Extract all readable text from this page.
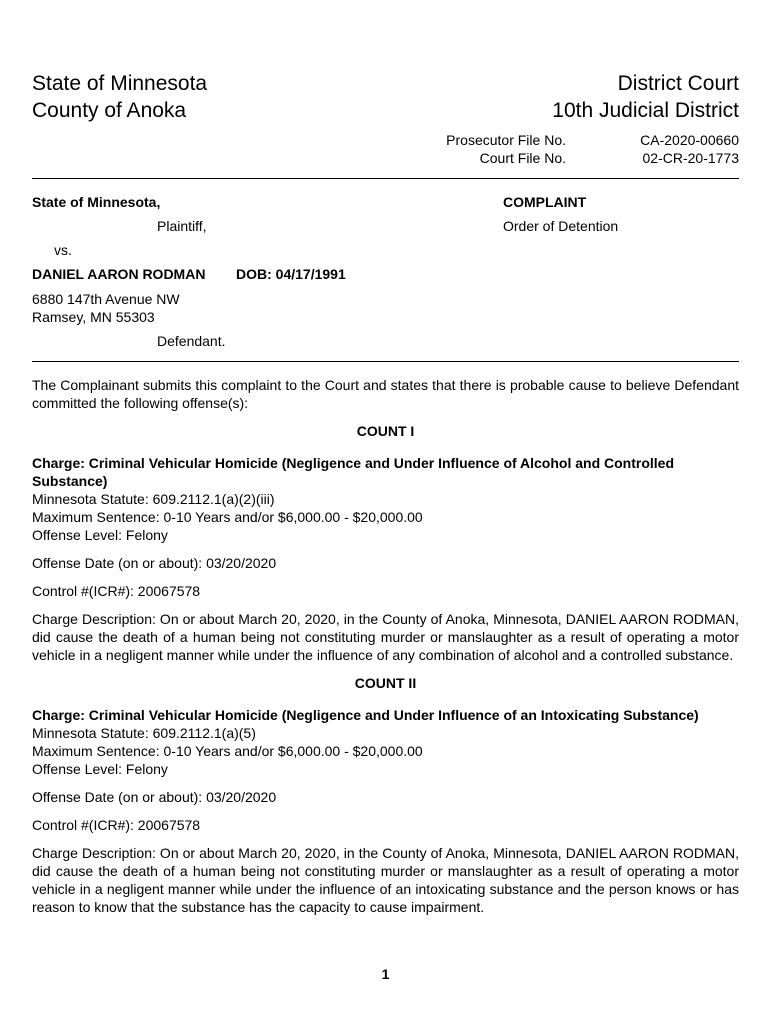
State of Minnesota
County of Anoka
District Court
10th Judicial District
Prosecutor File No.	CA-2020-00660
Court File No.	02-CR-20-1773
State of Minnesota,
Plaintiff,
vs.
DANIEL AARON RODMAN DOB: 04/17/1991
6880 147th Avenue NW
Ramsey, MN 55303
Defendant.
COMPLAINT
Order of Detention

The Complainant submits this complaint to the Court and states that there is probable cause to believe Defendant committed the following offense(s):

COUNT I
Charge: Criminal Vehicular Homicide (Negligence and Under Influence of Alcohol and Controlled Substance)
Minnesota Statute: 609.2112.1(a)(2)(iii)
Maximum Sentence: 0-10 Years and/or $6,000.00 - $20,000.00
Offense Level: Felony

Offense Date (on or about): 03/20/2020

Control #(ICR#): 20067578

Charge Description: On or about March 20, 2020, in the County of Anoka, Minnesota, DANIEL AARON RODMAN, did cause the death of a human being not constituting murder or manslaughter as a result of operating a motor vehicle in a negligent manner while under the influence of any combination of alcohol and a controlled substance.

COUNT II
Charge: Criminal Vehicular Homicide (Negligence and Under Influence of an Intoxicating Substance)
Minnesota Statute: 609.2112.1(a)(5)
Maximum Sentence: 0-10 Years and/or $6,000.00 - $20,000.00
Offense Level: Felony

Offense Date (on or about): 03/20/2020

Control #(ICR#): 20067578

Charge Description: On or about March 20, 2020, in the County of Anoka, Minnesota, DANIEL AARON RODMAN, did cause the death of a human being not constituting murder or manslaughter as a result of operating a motor vehicle in a negligent manner while under the influence of an intoxicating substance and the person knows or has reason to know that the substance has the capacity to cause impairment.

1
